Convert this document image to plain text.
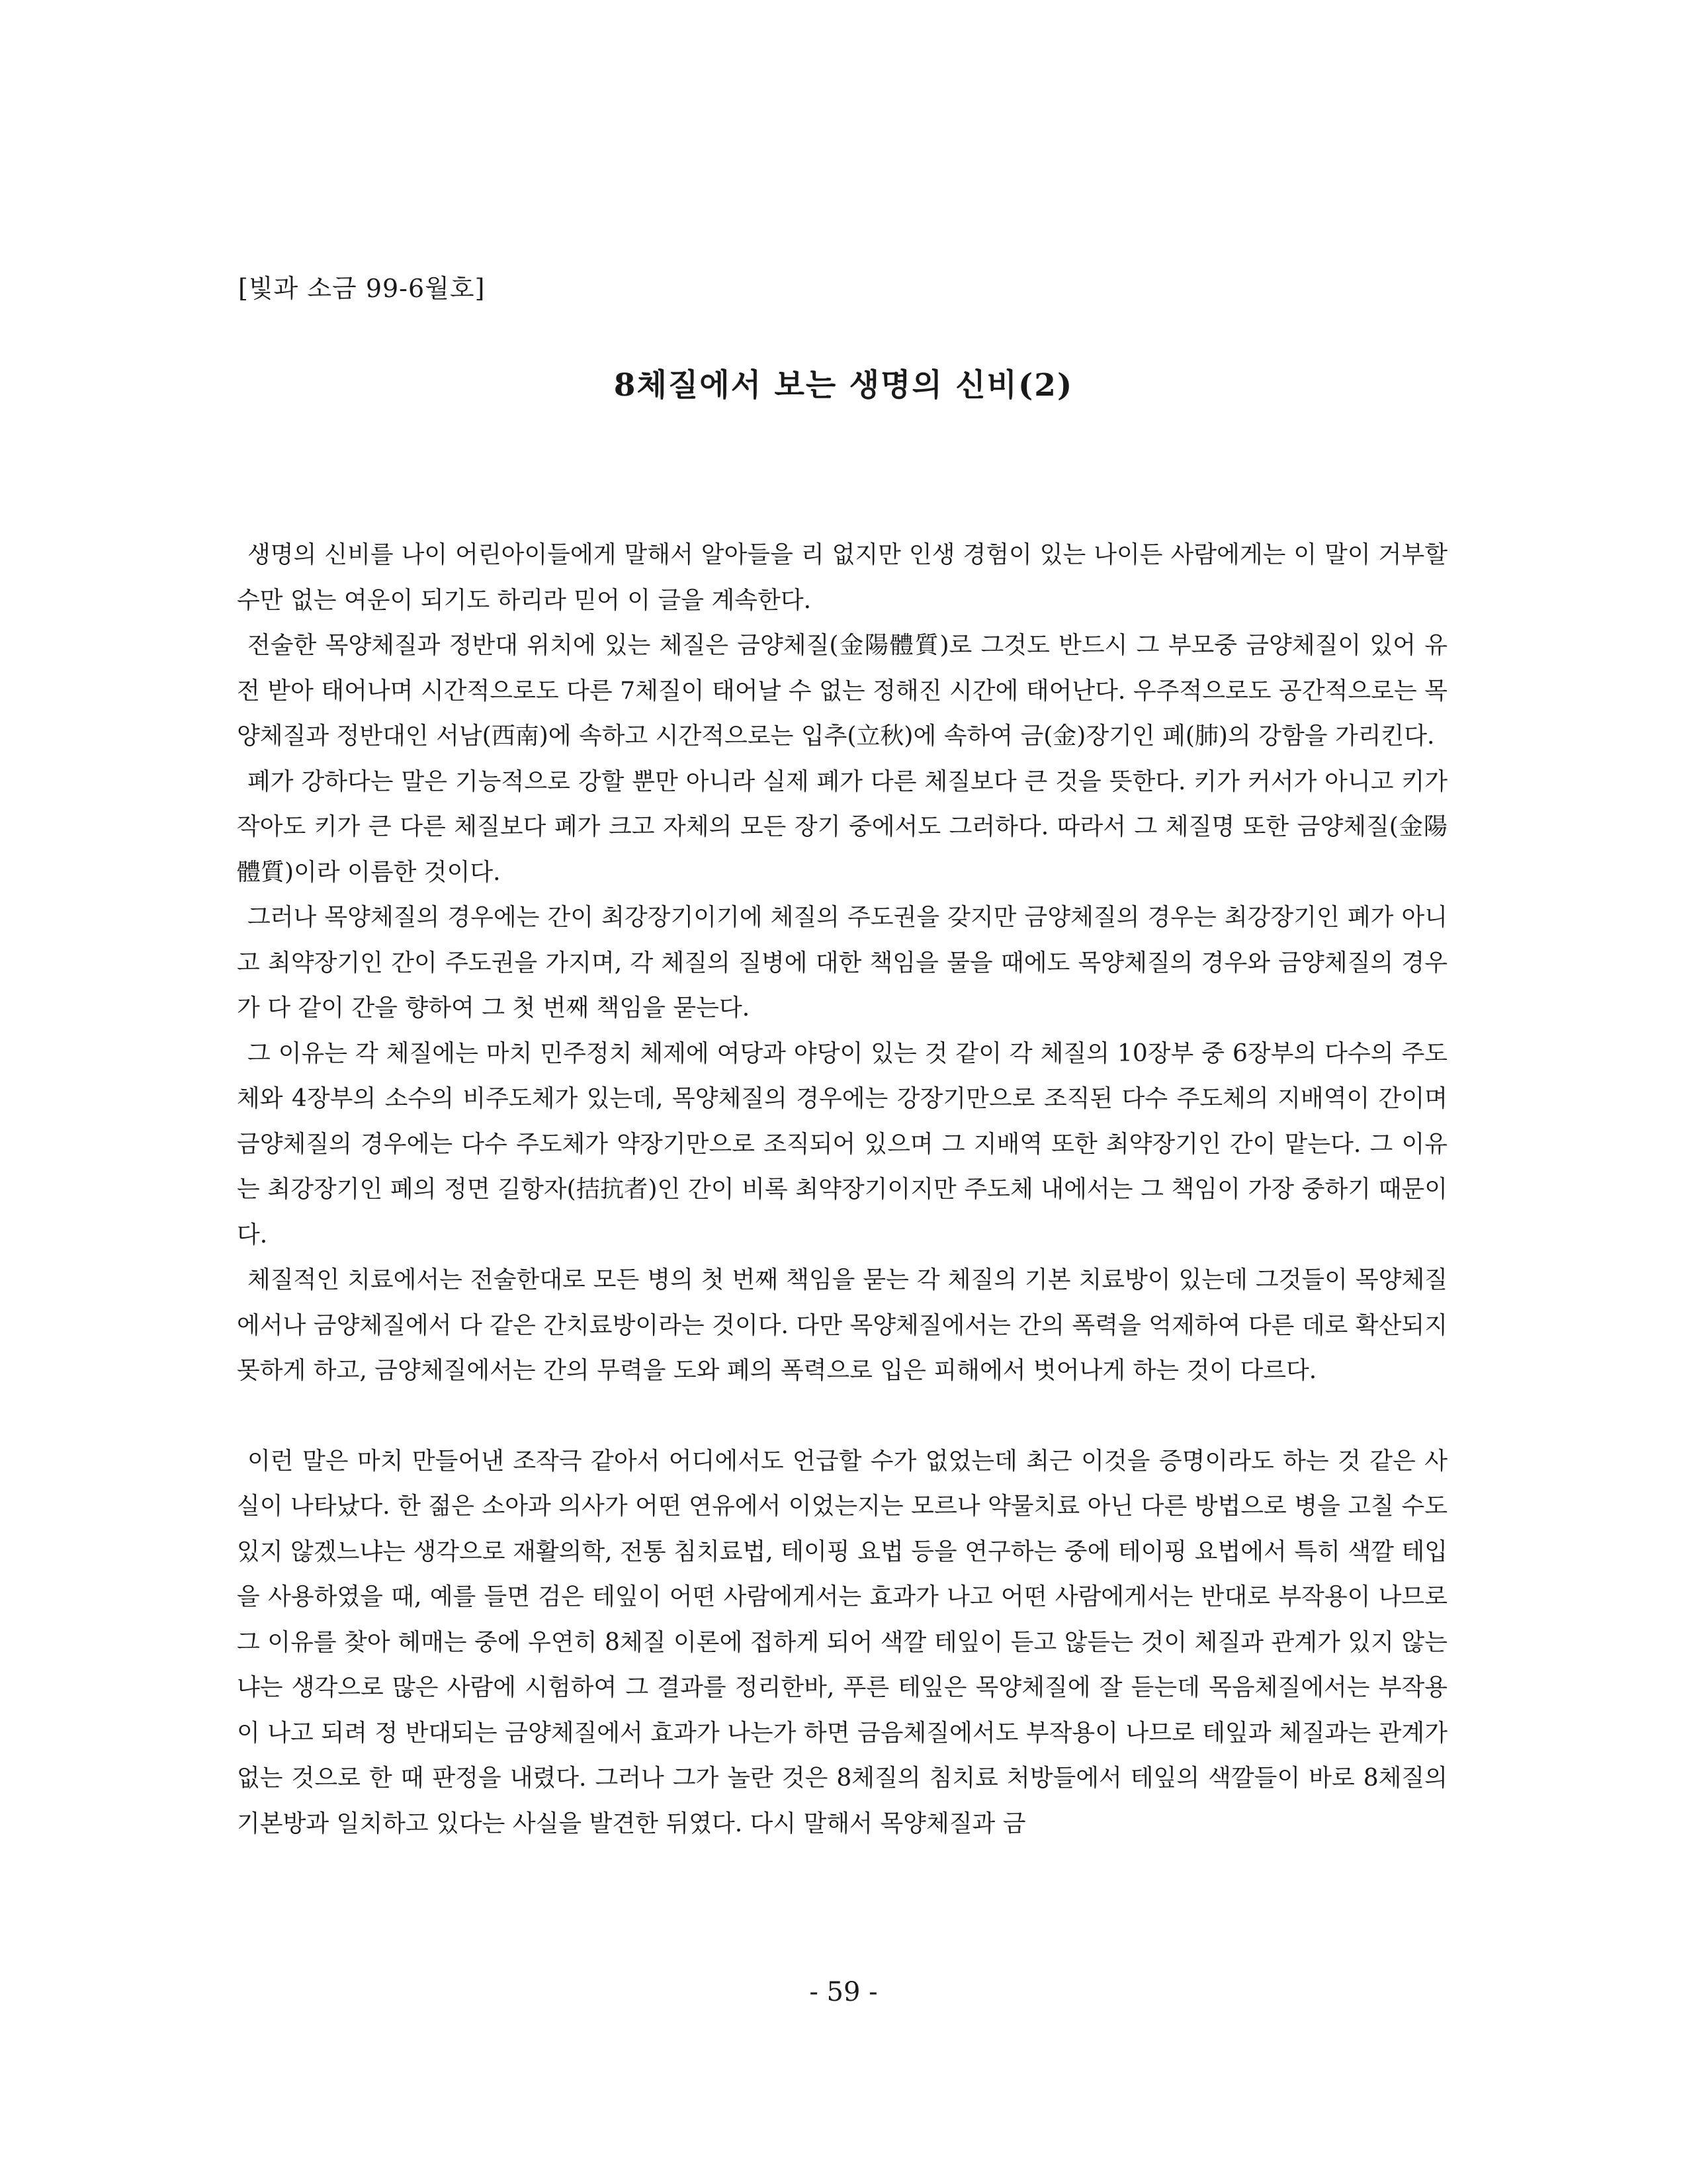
[빛과 소금 99-6월호]
8체질에서 보는 생명의 신비(2)

생명의 신비를 나이 어린아이들에게 말해서 알아들을 리 없지만 인생 경험이 있는 나이든 사람에게는 이 말이 거부할 수만 없는 여운이 되기도 하리라 믿어 이 글을 계속한다.

전술한 목양체질과 정반대 위치에 있는 체질은 금양체질(金陽體質)로 그것도 반드시 그 부모중 금양체질이 있어 유전 받아 태어나며 시간적으로도 다른 7체질이 태어날 수 없는 정해진 시간에 태어난다. 우주적으로도 공간적으로는 목양체질과 정반대인 서남(西南)에 속하고 시간적으로는 입추(立秋)에 속하여 금(金)장기인 폐(肺)의 강함을 가리킨다.

폐가 강하다는 말은 기능적으로 강할 뿐만 아니라 실제 폐가 다른 체질보다 큰 것을 뜻한다. 키가 커서가 아니고 키가 작아도 키가 큰 다른 체질보다 폐가 크고 자체의 모든 장기 중에서도 그러하다. 따라서 그 체질명 또한 금양체질(金陽體質)이라 이름한 것이다.

그러나 목양체질의 경우에는 간이 최강장기이기에 체질의 주도권을 갖지만 금양체질의 경우는 최강장기인 폐가 아니고 최약장기인 간이 주도권을 가지며, 각 체질의 질병에 대한 책임을 물을 때에도 목양체질의 경우와 금양체질의 경우가 다 같이 간을 향하여 그 첫 번째 책임을 묻는다.

그 이유는 각 체질에는 마치 민주정치 체제에 여당과 야당이 있는 것 같이 각 체질의 10장부 중 6장부의 다수의 주도체와 4장부의 소수의 비주도체가 있는데, 목양체질의 경우에는 강장기만으로 조직된 다수 주도체의 지배역이 간이며 금양체질의 경우에는 다수 주도체가 약장기만으로 조직되어 있으며 그 지배역 또한 최약장기인 간이 맡는다. 그 이유는 최강장기인 폐의 정면 길항자(拮抗者)인 간이 비록 최약장기이지만 주도체 내에서는 그 책임이 가장 중하기 때문이다.

체질적인 치료에서는 전술한대로 모든 병의 첫 번째 책임을 묻는 각 체질의 기본 치료방이 있는데 그것들이 목양체질에서나 금양체질에서 다 같은 간치료방이라는 것이다. 다만 목양체질에서는 간의 폭력을 억제하여 다른 데로 확산되지 못하게 하고, 금양체질에서는 간의 무력을 도와 폐의 폭력으로 입은 피해에서 벗어나게 하는 것이 다르다.

이런 말은 마치 만들어낸 조작극 같아서 어디에서도 언급할 수가 없었는데 최근 이것을 증명이라도 하는 것 같은 사실이 나타났다. 한 젊은 소아과 의사가 어떤 연유에서 이었는지는 모르나 약물치료 아닌 다른 방법으로 병을 고칠 수도 있지 않겠느냐는 생각으로 재활의학, 전통 침치료법, 테이핑 요법 등을 연구하는 중에 테이핑 요법에서 특히 색깔 테입을 사용하였을 때, 예를 들면 검은 테잎이 어떤 사람에게서는 효과가 나고 어떤 사람에게서는 반대로 부작용이 나므로 그 이유를 찾아 헤매는 중에 우연히 8체질 이론에 접하게 되어 색깔 테잎이 듣고 않듣는 것이 체질과 관계가 있지 않는냐는 생각으로 많은 사람에 시험하여 그 결과를 정리한바, 푸른 테잎은 목양체질에 잘 듣는데 목음체질에서는 부작용이 나고 되려 정 반대되는 금양체질에서 효과가 나는가 하면 금음체질에서도 부작용이 나므로 테잎과 체질과는 관계가 없는 것으로 한 때 판정을 내렸다. 그러나 그가 놀란 것은 8체질의 침치료 처방들에서 테잎의 색깔들이 바로 8체질의 기본방과 일치하고 있다는 사실을 발견한 뒤였다. 다시 말해서 목양체질과 금

- 59 -
